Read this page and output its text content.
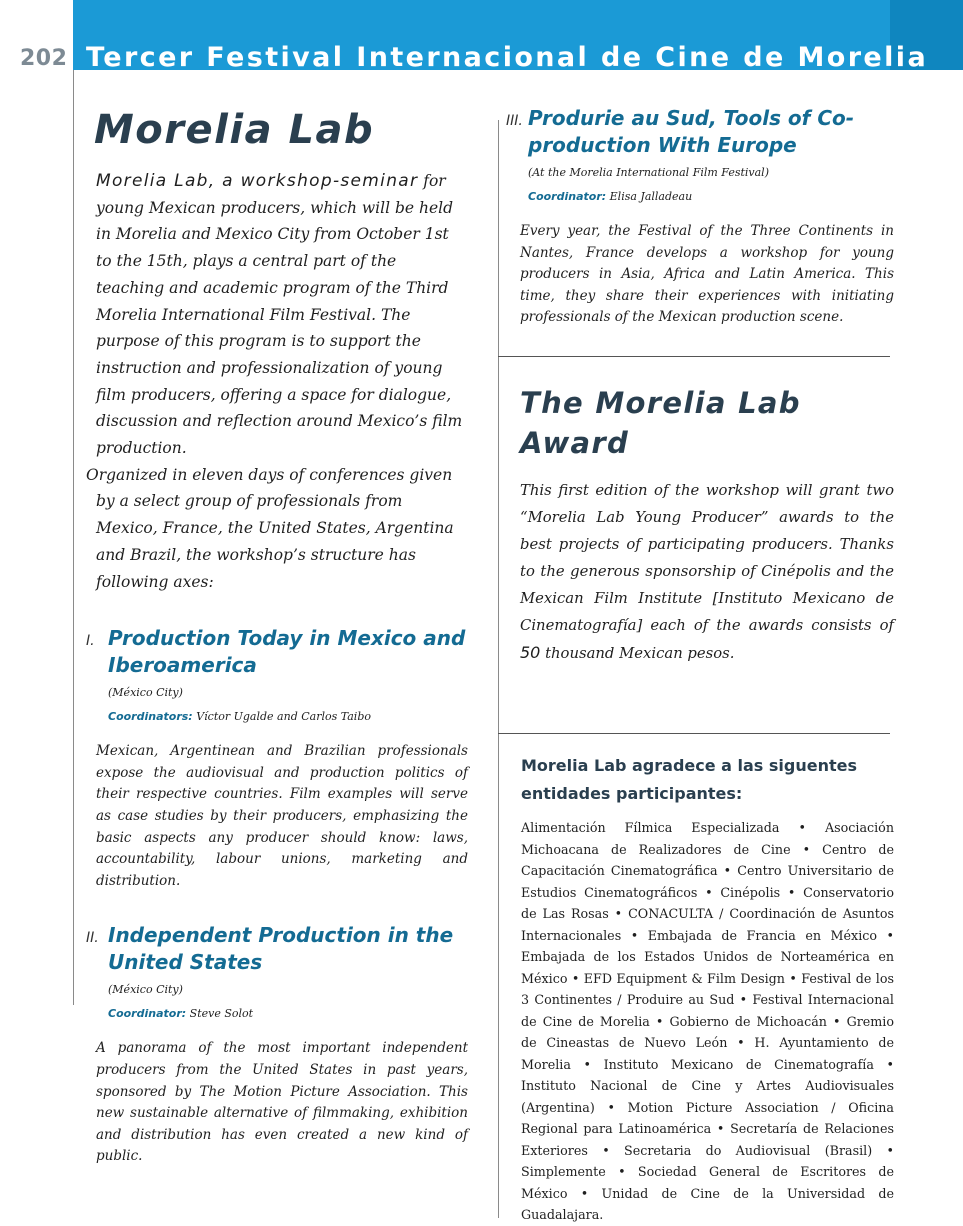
202 Tercer Festival Internacional de Cine de Morelia
Morelia Lab

Morelia Lab, a workshop-seminar for young Mexican producers, which will be held in Morelia and Mexico City from October 1st to the 15th, plays a central part of the teaching and academic program of the Third Morelia International Film Festival. The purpose of this program is to support the instruction and professionalization of young film producers, offering a space for dialogue, discussion and reflection around Mexico’s film production.

Organized in eleven days of conferences given by a select group of professionals from Mexico, France, the United States, Argentina and Brazil, the workshop’s structure has following axes:

I. Production Today in Mexico and Iberoamerica
(México City)
Coordinators: Víctor Ugalde and Carlos Taibo

Mexican, Argentinean and Brazilian professionals expose the audiovisual and production politics of their respective countries. Film examples will serve as case studies by their producers, emphasizing the basic aspects any producer should know: laws, accountability, labour unions, marketing and distribution.

II. Independent Production in the United States
(México City)
Coordinator: Steve Solot

A panorama of the most important independent producers from the United States in past years, sponsored by The Motion Picture Association. This new sustainable alternative of filmmaking, exhibition and distribution has even created a new kind of public.

III. Produrie au Sud, Tools of Co-production With Europe
(At the Morelia International Film Festival)
Coordinator: Elisa Jalladeau

Every year, the Festival of the Three Continents in Nantes, France develops a workshop for young producers in Asia, Africa and Latin America. This time, they share their experiences with initiating professionals of the Mexican production scene.

The Morelia Lab Award

This first edition of the workshop will grant two “Morelia Lab Young Producer” awards to the best projects of participating producers. Thanks to the generous sponsorship of Cinépolis and the Mexican Film Institute [Instituto Mexicano de Cinematografía] each of the awards consists of 50 thousand Mexican pesos.

Morelia Lab agradece a las siguentes entidades participantes:

Alimentación Fílmica Especializada • Asociación Michoacana de Realizadores de Cine • Centro de Capacitación Cinematográfica • Centro Universitario de Estudios Cinematográficos • Cinépolis • Conservatorio de Las Rosas • CONACULTA / Coordinación de Asuntos Internacionales • Embajada de Francia en México • Embajada de los Estados Unidos de Norteamérica en México • EFD Equipment & Film Design • Festival de los 3 Continentes / Produire au Sud • Festival Internacional de Cine de Morelia • Gobierno de Michoacán • Gremio de Cineastas de Nuevo León • H. Ayuntamiento de Morelia • Instituto Mexicano de Cinematografía • Instituto Nacional de Cine y Artes Audiovisuales (Argentina) • Motion Picture Association / Oficina Regional para Latinoamérica • Secretaría de Relaciones Exteriores • Secretaria do Audiovisual (Brasil) • Simplemente • Sociedad General de Escritores de México • Unidad de Cine de la Universidad de Guadalajara.
